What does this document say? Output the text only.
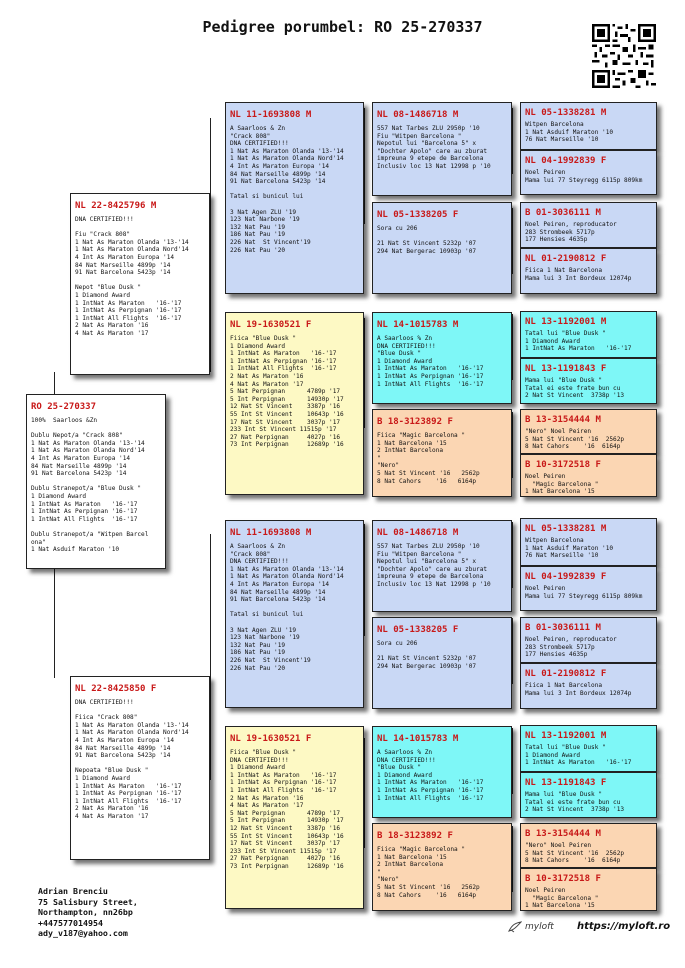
Pedigree porumbel: RO 25-270337
RO 25-270337
100%  Saarloos &Zn
Dublu Nepot/a "Crack 808"
1 Nat As Maraton Olanda '13-'14
1 Nat As Maraton Olanda Nord'14
4 Int As Maraton Europa '14
84 Nat Marseille 4899p '14
91 Nat Barcelona 5423p '14
Dublu Stranepot/a "Blue Dusk "
1 Diamond Award
1 IntNat As Maraton   '16-'17
1 IntNat As Perpignan '16-'17
1 IntNat All Flights  '16-'17
Dublu Stranepot/a "Witpen Barcel
ona"
1 Nat Asduif Maraton '10
NL 22-8425796 M
DNA CERTIFIED!!!
Fiu "Crack 808"
1 Nat As Maraton Olanda '13-'14
1 Nat As Maraton Olanda Nord'14
4 Int As Maraton Europa '14
84 Nat Marseille 4899p '14
91 Nat Barcelona 5423p '14
Nepot "Blue Dusk "
1 Diamond Award
1 IntNat As Maraton   '16-'17
1 IntNat As Perpignan '16-'17
1 IntNat All Flights  '16-'17
2 Nat As Maraton '16
4 Nat As Maraton '17
NL 22-8425850 F
DNA CERTIFIED!!!
Fiica "Crack 808"
1 Nat As Maraton Olanda '13-'14
1 Nat As Maraton Olanda Nord'14
4 Int As Maraton Europa '14
84 Nat Marseille 4899p '14
91 Nat Barcelona 5423p '14
Nepoata "Blue Dusk "
1 Diamond Award
1 IntNat As Maraton   '16-'17
1 IntNat As Perpignan '16-'17
1 IntNat All Flights  '16-'17
2 Nat As Maraton '16
4 Nat As Maraton '17
NL 11-1693808 M
A Saarloos & Zn
"Crack 808"
DNA CERTIFIED!!!
1 Nat As Maraton Olanda '13-'14
1 Nat As Maraton Olanda Nord'14
4 Int As Maraton Europa '14
84 Nat Marseille 4899p '14
91 Nat Barcelona 5423p '14
Tatal si bunicul lui
3 Nat Agen ZLU '19
123 Nat Narbone '19
132 Nat Pau '19
186 Nat Pau '19
226 Nat  St Vincent'19
226 Nat Pau '20
NL 19-1630521 F
Fiica "Blue Dusk "
1 Diamond Award
1 IntNat As Maraton   '16-'17
1 IntNat As Perpignan '16-'17
1 IntNat All Flights  '16-'17
2 Nat As Maraton '16
4 Nat As Maraton '17
5 Nat Perpignan      4789p '17
5 Int Perpignan      14930p '17
12 Nat St Vincent    3387p '16
55 Int St Vincent    10643p '16
17 Nat St Vincent    3037p '17
233 Int St Vincent 11515p '17
27 Nat Perpignan     4027p '16
73 Int Perpignan     12689p '16
NL 11-1693808 M
A Saarloos & Zn
"Crack 808"
DNA CERTIFIED!!!
1 Nat As Maraton Olanda '13-'14
1 Nat As Maraton Olanda Nord'14
4 Int As Maraton Europa '14
84 Nat Marseille 4899p '14
91 Nat Barcelona 5423p '14
Tatal si bunicul lui
3 Nat Agen ZLU '19
123 Nat Narbone '19
132 Nat Pau '19
186 Nat Pau '19
226 Nat  St Vincent'19
226 Nat Pau '20
NL 19-1630521 F
Fiica "Blue Dusk "
DNA CERTIFIED!!!
1 Diamond Award
1 IntNat As Maraton   '16-'17
1 IntNat As Perpignan '16-'17
1 IntNat All Flights  '16-'17
2 Nat As Maraton '16
4 Nat As Maraton '17
5 Nat Perpignan      4789p '17
5 Int Perpignan      14930p '17
12 Nat St Vincent    3387p '16
55 Int St Vincent    10643p '16
17 Nat St Vincent    3037p '17
233 Int St Vincent 11515p '17
27 Nat Perpignan     4027p '16
73 Int Perpignan     12689p '16
NL 08-1486718 M
557 Nat Tarbes ZLU 2950p '10
Fiu "Witpen Barcelona "
Nepotul lui "Barcelona 5" x
"Dochter Apolo" care au zburat
impreuna 9 etepe de Barcelona
Inclusiv loc 13 Nat 12998 p '10
NL 05-1338205 F
Sora cu 206
21 Nat St Vincent 5232p '07
294 Nat Bergerac 10903p '07
NL 14-1015783 M
A Saarloos % Zn
DNA CERTIFIED!!!
"Blue Dusk "
1 Diamond Award
1 IntNat As Maraton   '16-'17
1 IntNat As Perpignan '16-'17
1 IntNat All Flights  '16-'17
B 18-3123892 F
Fiica "Magic Barcelona "
1 Nat Barcelona '15
2 IntNat Barcelona
"
"Nero"
5 Nat St Vincent '16   2562p
8 Nat Cahors    '16   6164p
NL 08-1486718 M
557 Nat Tarbes ZLU 2950p '10
Fiu "Witpen Barcelona "
Nepotul lui "Barcelona 5" x
"Dochter Apolo" care au zburat
impreuna 9 etepe de Barcelona
Inclusiv loc 13 Nat 12998 p '10
NL 05-1338205 F
Sora cu 206
21 Nat St Vincent 5232p '07
294 Nat Bergerac 10903p '07
NL 14-1015783 M
A Saarloos % Zn
DNA CERTIFIED!!!
"Blue Dusk "
1 Diamond Award
1 IntNat As Maraton   '16-'17
1 IntNat As Perpignan '16-'17
1 IntNat All Flights  '16-'17
B 18-3123892 F
Fiica "Magic Barcelona "
1 Nat Barcelona '15
2 IntNat Barcelona
"
"Nero"
5 Nat St Vincent '16   2562p
8 Nat Cahors    '16   6164p
NL 05-1338281 M
Witpen Barcelona
1 Nat Asduif Maraton '10
76 Nat Marseille '10
NL 04-1992839 F
Noel Peiren
Mama lui 77 Steyregg 6115p 809km
B 01-3036111 M
Noel Peiren, reproducator
283 Strombeek 5717p
177 Hensies 4635p
NL 01-2190812 F
Fiica 1 Nat Barcelona
Mama lui 3 Int Bordeux 12074p
NL 13-1192001 M
Tatal lui "Blue Dusk "
1 Diamond Award
1 IntNat As Maraton   '16-'17
NL 13-1191843 F
Mama lui "Blue Dusk "
Tatal ei este frate bun cu
2 Nat St Vincent  3738p '13
B 13-3154444 M
"Nero" Noel Peiren
5 Nat St Vincent '16  2562p
8 Nat Cahors    '16  6164p
B 10-3172518 F
Noel Peiren
"Magic Barcelona "
1 Nat Barcelona '15
NL 05-1338281 M
Witpen Barcelona
1 Nat Asduif Maraton '10
76 Nat Marseille '10
NL 04-1992839 F
Noel Peiren
Mama lui 77 Steyregg 6115p 809km
B 01-3036111 M
Noel Peiren, reproducator
283 Strombeek 5717p
177 Hensies 4635p
NL 01-2190812 F
Fiica 1 Nat Barcelona
Mama lui 3 Int Bordeux 12074p
NL 13-1192001 M
Tatal lui "Blue Dusk "
1 Diamond Award
1 IntNat As Maraton   '16-'17
NL 13-1191843 F
Mama lui "Blue Dusk "
Tatal ei este frate bun cu
2 Nat St Vincent  3738p '13
B 13-3154444 M
"Nero" Noel Peiren
5 Nat St Vincent '16  2562p
8 Nat Cahors    '16  6164p
B 10-3172518 F
Noel Peiren
"Magic Barcelona "
1 Nat Barcelona '15
Adrian Brenciu
75 Salisbury Street,
Northampton, nn26bp
+447577014954
ady_v187@yahoo.com
myloft https://myloft.ro
